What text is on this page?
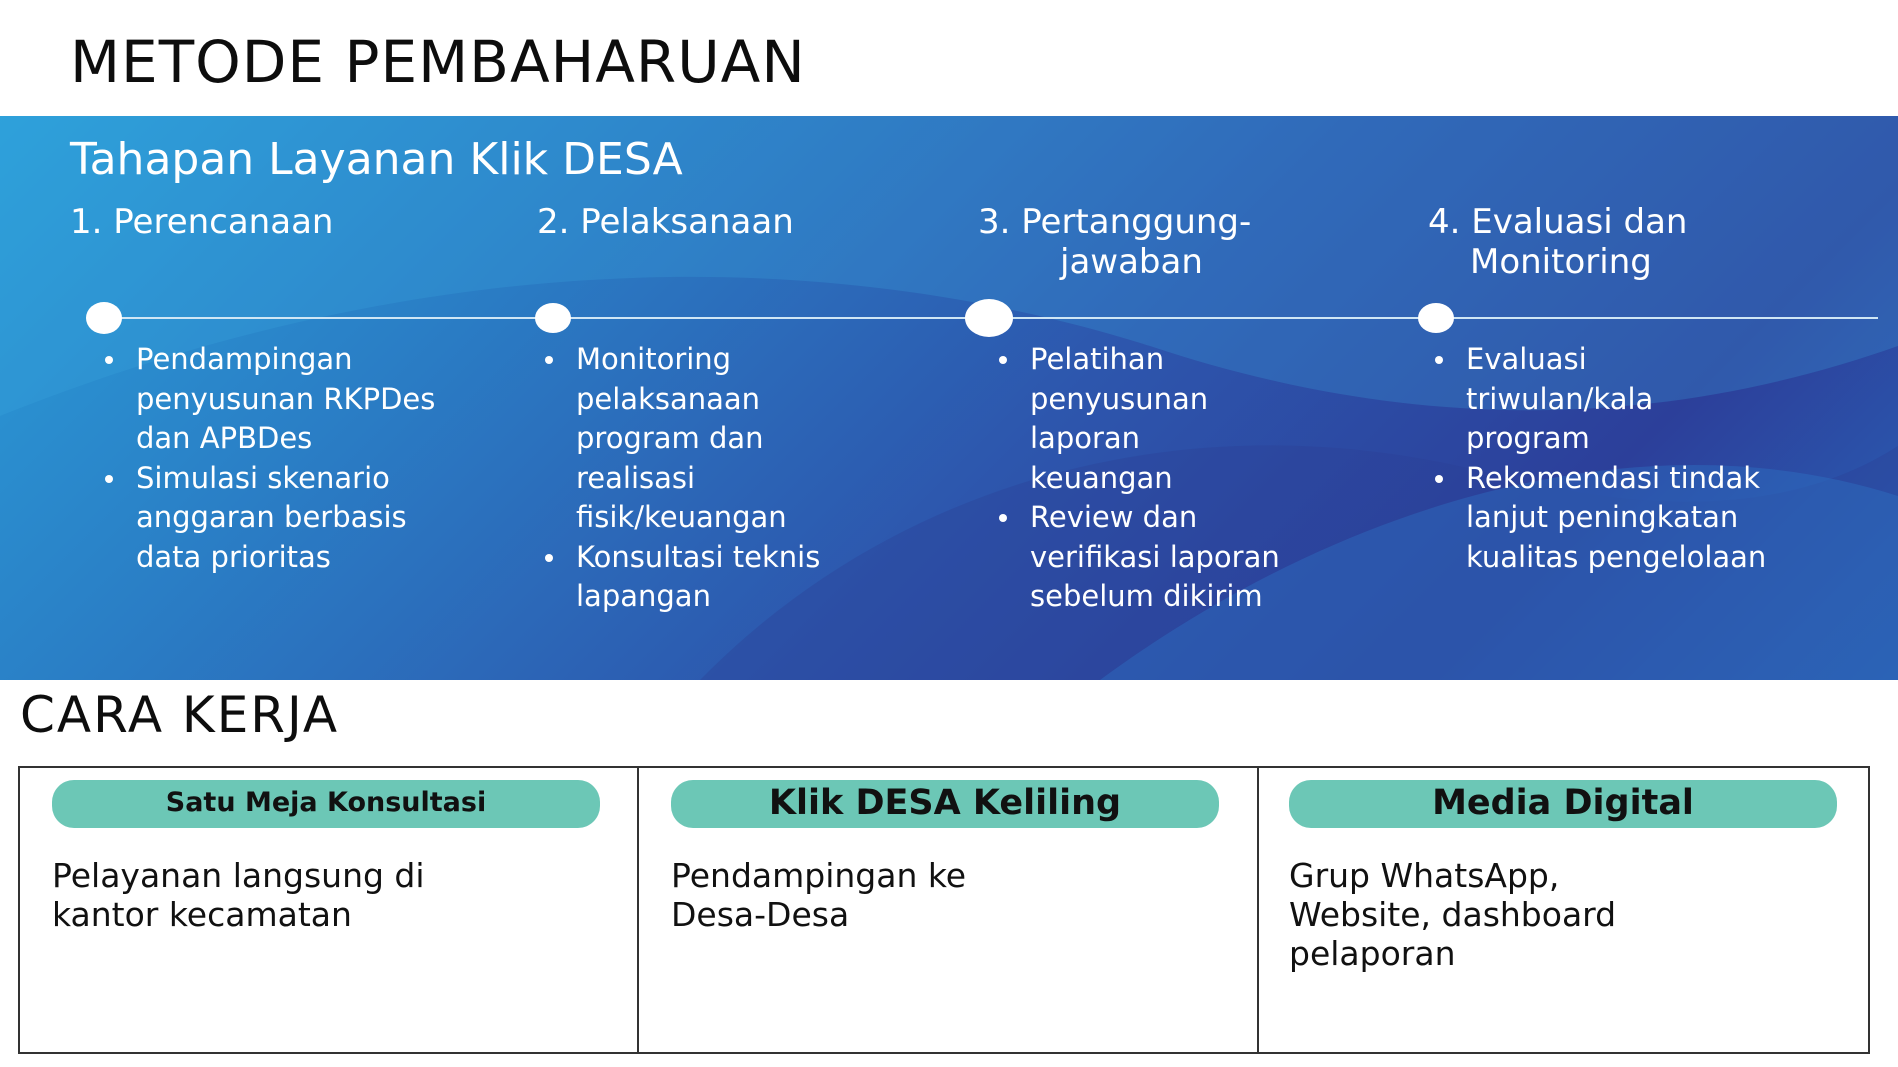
METODE PEMBAHARUAN
Tahapan Layanan Klik DESA
1. Perencanaan	2. Pelaksanaan	3. Pertanggung-
jawaban
4. Evaluasi dan
Monitoring
Pendampingan
penyusunan RKPDes
dan APBDes
Simulasi skenario
anggaran berbasis
data prioritas
Monitoring
pelaksanaan
program dan
realisasi
fisik/keuangan
Konsultasi teknis
lapangan
Pelatihan
penyusunan
laporan
keuangan
Review dan
verifikasi laporan
sebelum dikirim
Evaluasi
triwulan/kala
program
Rekomendasi tindak
lanjut peningkatan
kualitas pengelolaan
CARA KERJA
Satu Meja Konsultasi
Pelayanan langsung di
kantor kecamatan
Klik DESA Keliling
Pendampingan ke
Desa-Desa
Media Digital
Grup WhatsApp,
Website, dashboard
pelaporan
